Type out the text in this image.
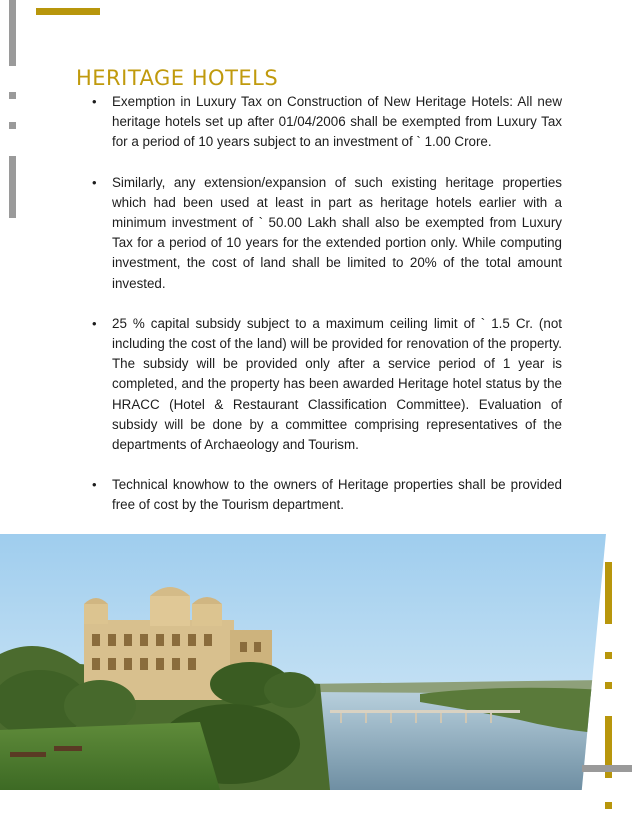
HERITAGE HOTELS
• Exemption in Luxury Tax on Construction of New Heritage Hotels: All new heritage hotels set up after 01/04/2006 shall be exempted from Luxury Tax for a period of 10 years subject to an investment of ` 1.00 Crore.
• Similarly, any extension/expansion of such existing heritage properties which had been used at least in part as heritage hotels earlier with a minimum investment of ` 50.00 Lakh shall also be exempted from Luxury Tax for a period of 10 years for the extended portion only. While computing investment, the cost of land shall be limited to 20% of the total amount invested.
• 25 % capital subsidy subject to a maximum ceiling limit of ` 1.5 Cr. (not including the cost of the land) will be provided for renovation of the property. The subsidy will be provided only after a service period of 1 year is completed, and the property has been awarded Heritage hotel status by the HRACC (Hotel & Restaurant Classification Committee). Evaluation of subsidy will be done by a committee comprising representatives of the departments of Archaeology and Tourism.
• Technical knowhow to the owners of Heritage properties shall be provided free of cost by the Tourism department.
